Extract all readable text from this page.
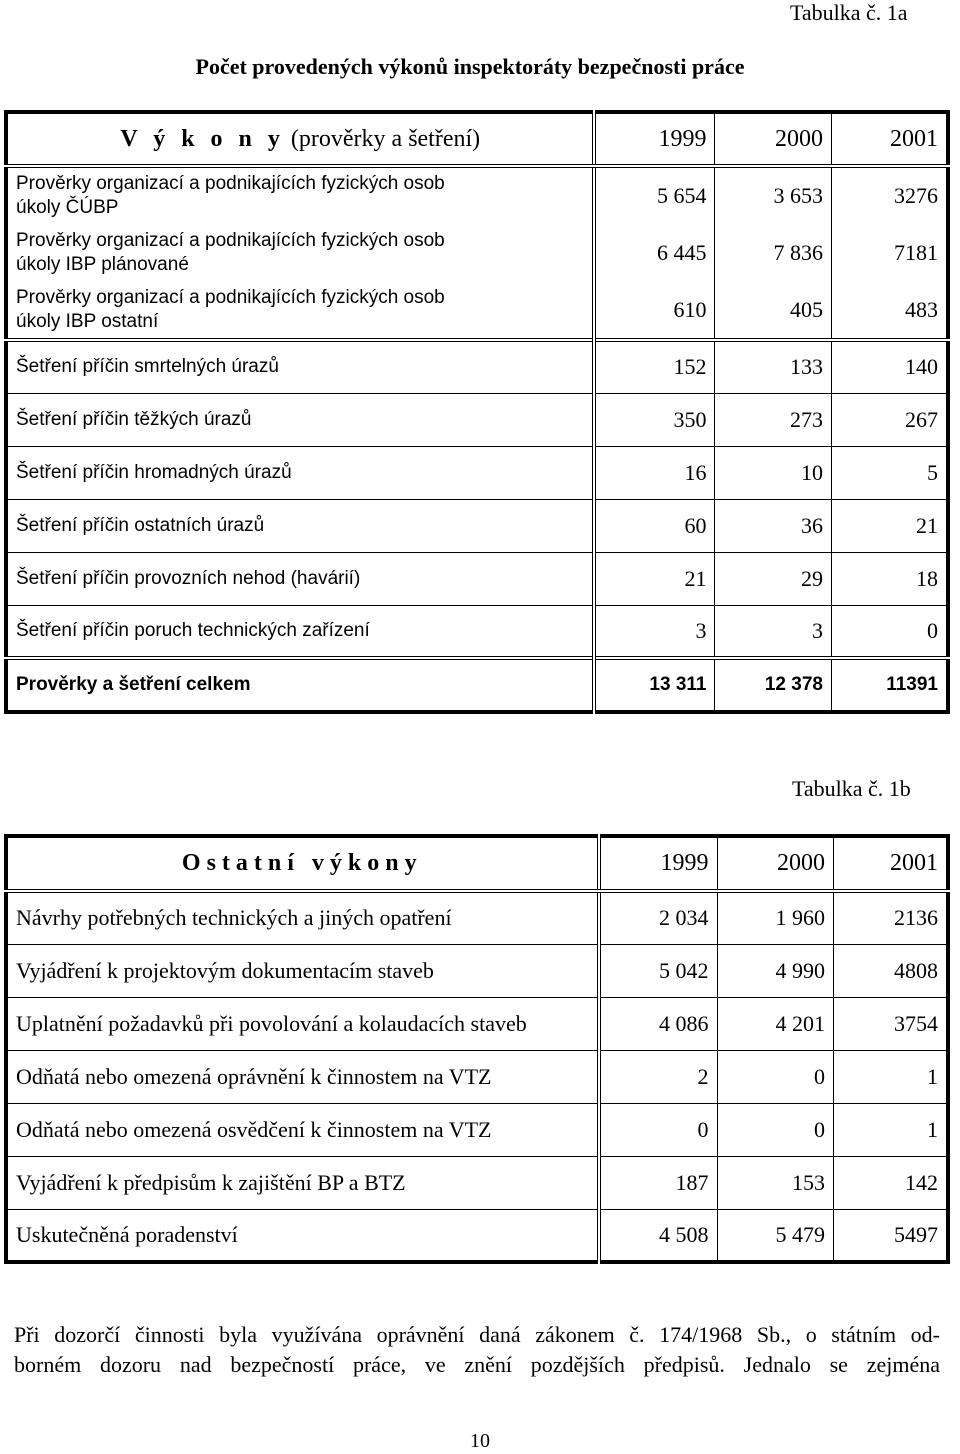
Tabulka č. 1a
Počet provedených výkonů inspektoráty bezpečnosti práce
V ý k o n y (prověrky a šetření)	1999	2000	2001

Prověrky organizací a podnikajících fyzických osob
úkoly ČÚBP	5 654	3 653	3276

Prověrky organizací a podnikajících fyzických osob
úkoly IBP plánované	6 445	7 836	7181

Prověrky organizací a podnikajících fyzických osob
úkoly IBP ostatní	610	405	483
Šetření příčin smrtelných úrazů	152	133	140
Šetření příčin těžkých úrazů	350	273	267
Šetření příčin hromadných úrazů	16	10	5
Šetření příčin ostatních úrazů	60	36	21
Šetření příčin provozních nehod (havárií)	21	29	18
Šetření příčin poruch technických zařízení	3	3	0
Prověrky a šetření celkem	13 311	12 378	11391
Tabulka č. 1b
Ostatní výkony	1999	2000	2001
Návrhy potřebných technických a jiných opatření	2 034	1 960	2136
Vyjádření k projektovým dokumentacím staveb	5 042	4 990	4808
Uplatnění požadavků při povolování a kolaudacích staveb	4 086	4 201	3754
Odňatá nebo omezená oprávnění k činnostem na VTZ	2	0	1
Odňatá nebo omezená osvědčení k činnostem na VTZ	0	0	1
Vyjádření k předpisům k zajištění BP a BTZ	187	153	142
Uskutečněná poradenství	4 508	5 479	5497
Při dozorčí činnosti byla využívána oprávnění daná zákonem č. 174/1968 Sb., o státním od-
borném dozoru nad bezpečností práce, ve znění pozdějších předpisů. Jednalo se zejména
10
